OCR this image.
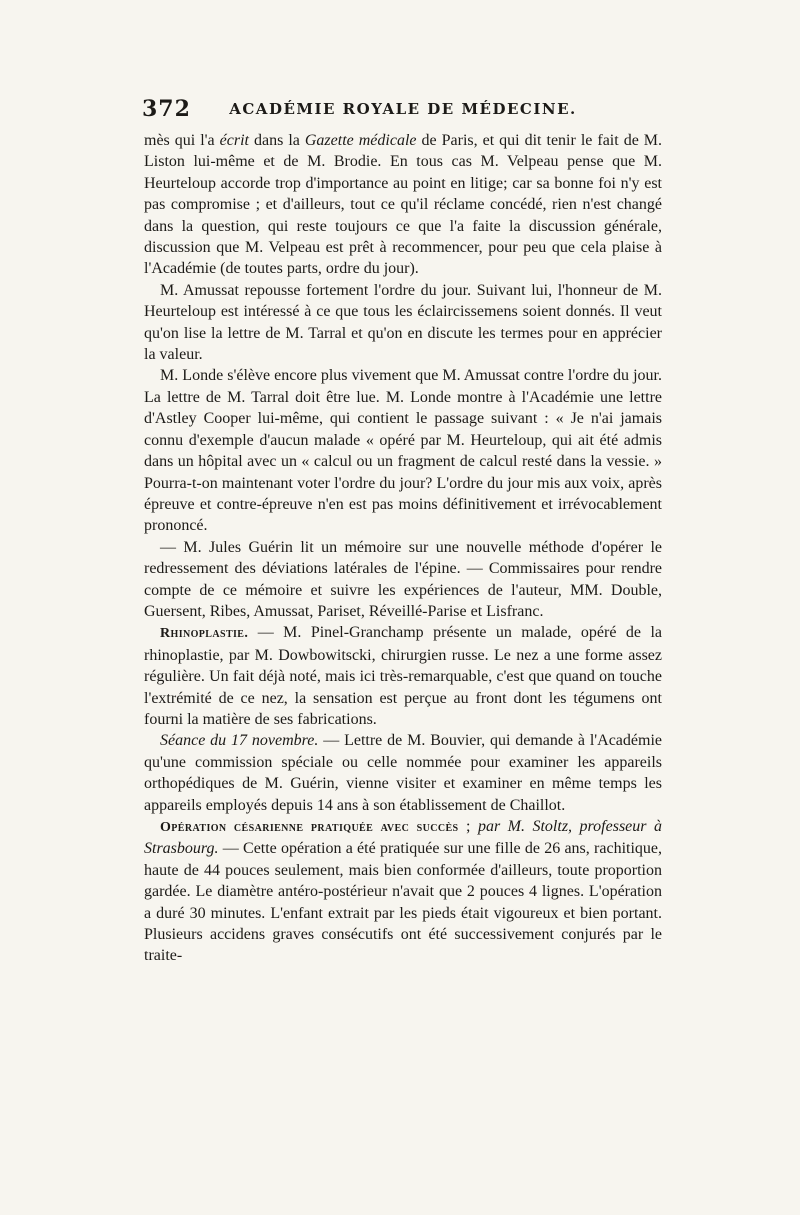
372	ACADÉMIE ROYALE DE MÉDECINE.

mès qui l'a écrit dans la Gazette médicale de Paris, et qui dit tenir le fait de M. Liston lui-même et de M. Brodie. En tous cas M. Velpeau pense que M. Heurteloup accorde trop d'importance au point en litige; car sa bonne foi n'y est pas compromise ; et d'ailleurs, tout ce qu'il réclame concédé, rien n'est changé dans la question, qui reste toujours ce que l'a faite la discussion générale, discussion que M. Velpeau est prêt à recommencer, pour peu que cela plaise à l'Académie (de toutes parts, ordre du jour).

M. Amussat repousse fortement l'ordre du jour. Suivant lui, l'honneur de M. Heurteloup est intéressé à ce que tous les éclaircissemens soient donnés. Il veut qu'on lise la lettre de M. Tarral et qu'on en discute les termes pour en apprécier la valeur.

M. Londe s'élève encore plus vivement que M. Amussat contre l'ordre du jour. La lettre de M. Tarral doit être lue. M. Londe montre à l'Académie une lettre d'Astley Cooper lui-même, qui contient le passage suivant : « Je n'ai jamais connu d'exemple d'aucun malade « opéré par M. Heurteloup, qui ait été admis dans un hôpital avec un « calcul ou un fragment de calcul resté dans la vessie. » Pourra-t-on maintenant voter l'ordre du jour? L'ordre du jour mis aux voix, après épreuve et contre-épreuve n'en est pas moins définitivement et irrévocablement prononcé.

— M. Jules Guérin lit un mémoire sur une nouvelle méthode d'opérer le redressement des déviations latérales de l'épine. — Commissaires pour rendre compte de ce mémoire et suivre les expériences de l'auteur, MM. Double, Guersent, Ribes, Amussat, Pariset, Réveillé-Parise et Lisfranc.

Rhinoplastie. — M. Pinel-Granchamp présente un malade, opéré de la rhinoplastie, par M. Dowbowitscki, chirurgien russe. Le nez a une forme assez régulière. Un fait déjà noté, mais ici très-remarquable, c'est que quand on touche l'extrémité de ce nez, la sensation est perçue au front dont les tégumens ont fourni la matière de ses fabrications.

Séance du 17 novembre. — Lettre de M. Bouvier, qui demande à l'Académie qu'une commission spéciale ou celle nommée pour examiner les appareils orthopédiques de M. Guérin, vienne visiter et examiner en même temps les appareils employés depuis 14 ans à son établissement de Chaillot.

Opération césarienne pratiquée avec succès ; par M. Stoltz, professeur à Strasbourg. — Cette opération a été pratiquée sur une fille de 26 ans, rachitique, haute de 44 pouces seulement, mais bien conformée d'ailleurs, toute proportion gardée. Le diamètre antéro-postérieur n'avait que 2 pouces 4 lignes. L'opération a duré 30 minutes. L'enfant extrait par les pieds était vigoureux et bien portant. Plusieurs accidens graves consécutifs ont été successivement conjurés par le traite-
